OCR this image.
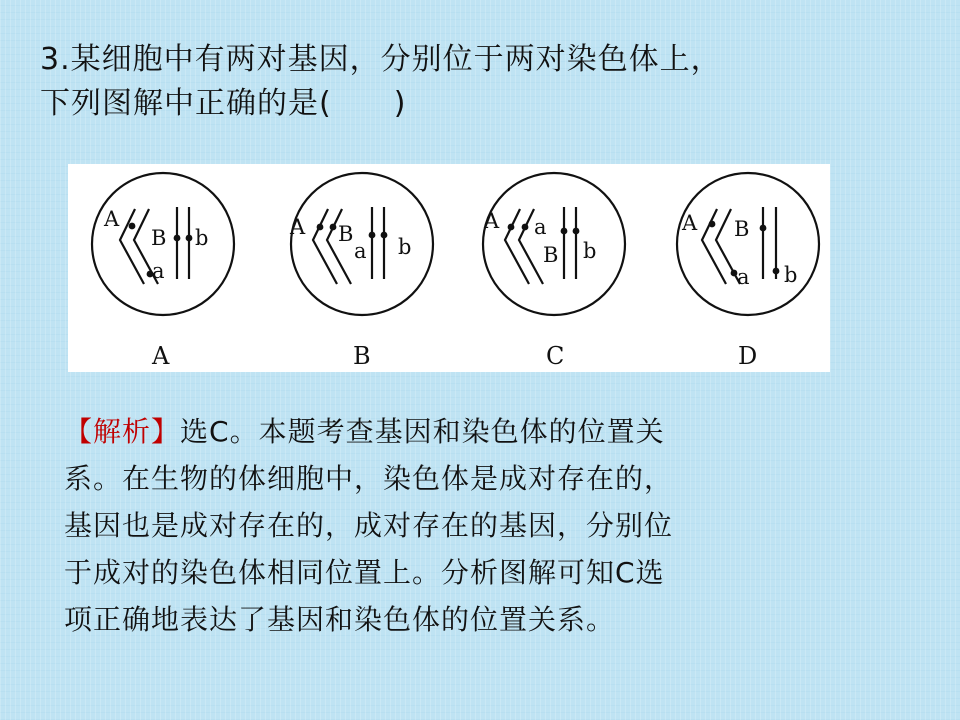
3.某细胞中有两对基因，分别位于两对染色体上，
下列图解中正确的是(　　)
A
B b
a
A B
a b
A a
B b
A B
a b
A	B	C	D
【解析】选C。本题考查基因和染色体的位置关
系。在生物的体细胞中，染色体是成对存在的，
基因也是成对存在的，成对存在的基因，分别位
于成对的染色体相同位置上。分析图解可知C选
项正确地表达了基因和染色体的位置关系。
